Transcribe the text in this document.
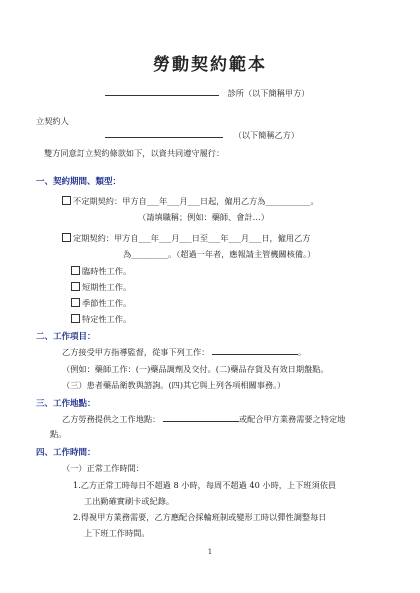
勞動契約範本
診所（以下簡稱甲方）
立契約人
（以下簡稱乙方）
雙方同意訂立契約條款如下，以資共同遵守履行：
一、契約期間、類型：
不定期契約：甲方自___年___月___日起，僱用乙方為___________。
（請填職稱；例如：藥師、會計…）
定期契約：甲方自___年___月___日至___年___月___日，僱用乙方
為_________。（超過一年者，應報請主管機關核備。）
臨時性工作。
短期性工作。
季節性工作。
特定性工作。
二、工作項目：
乙方接受甲方指導監督，從事下列工作：	。
（例如：藥師工作：(一)藥品調劑及交付。(二)藥品存貨及有效日期盤點。
（三）患者藥品衛教與諮詢。(四)其它與上列各項相關事務。）
三、工作地點：
乙方勞務提供之工作地點：	或配合甲方業務需要之特定地
點。
四、工作時間：
（一）正常工作時間：
1.乙方正常工時每日不超過 8 小時，每周不超過 40 小時，上下班須依員
工出勤確實刷卡或紀錄。
2.得視甲方業務需要，乙方應配合採輪班制或變形工時以彈性調整每日
上下班工作時間。
1
